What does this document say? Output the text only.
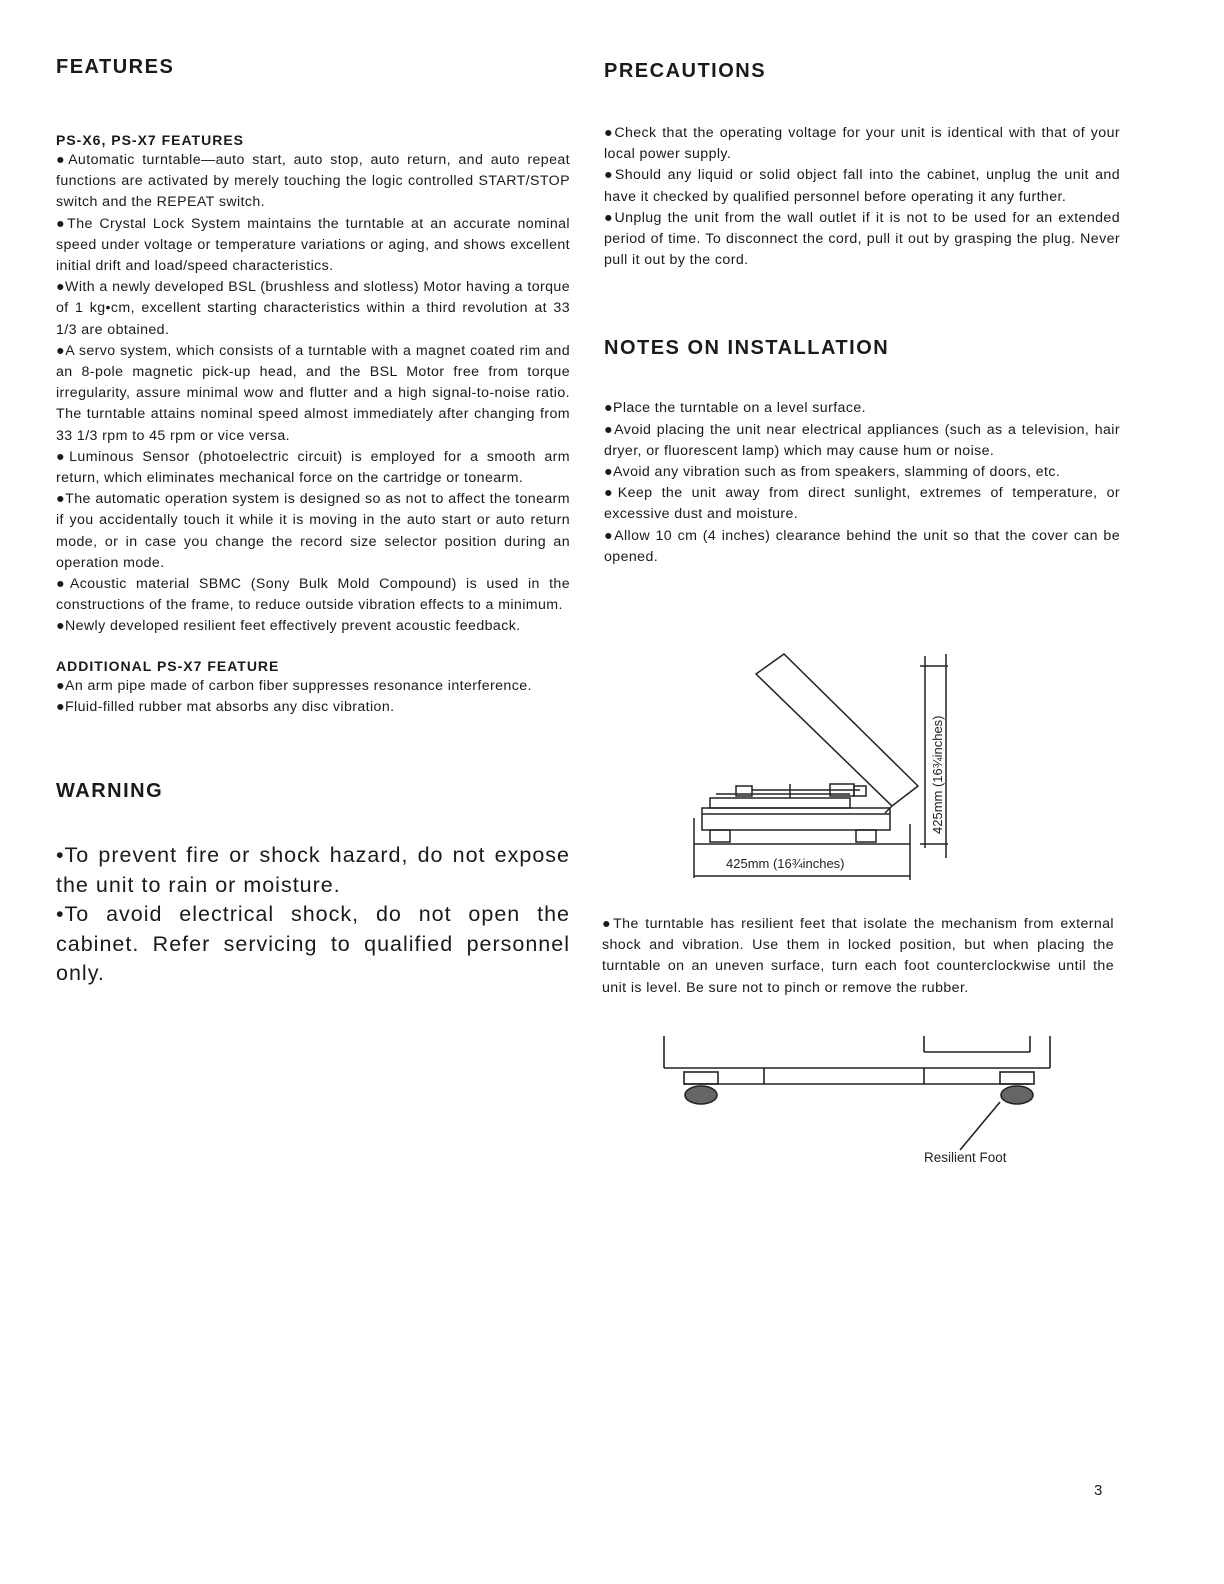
FEATURES
PS-X6, PS-X7 FEATURES

●Automatic turntable—auto start, auto stop, auto return, and auto repeat functions are activated by merely touching the logic controlled START/STOP switch and the REPEAT switch.

●The Crystal Lock System maintains the turntable at an accurate nominal speed under voltage or temperature variations or aging, and shows excellent initial drift and load/speed characteristics.

●With a newly developed BSL (brushless and slotless) Motor having a torque of 1 kg•cm, excellent starting characteristics within a third revolution at 33 1/3 are obtained.

●A servo system, which consists of a turntable with a magnet coated rim and an 8-pole magnetic pick-up head, and the BSL Motor free from torque irregularity, assure minimal wow and flutter and a high signal-to-noise ratio. The turntable attains nominal speed almost immediately after changing from 33 1/3 rpm to 45 rpm or vice versa.

●Luminous Sensor (photoelectric circuit) is employed for a smooth arm return, which eliminates mechanical force on the cartridge or tonearm.

●The automatic operation system is designed so as not to affect the tonearm if you accidentally touch it while it is moving in the auto start or auto return mode, or in case you change the record size selector position during an operation mode.

●Acoustic material SBMC (Sony Bulk Mold Compound) is used in the constructions of the frame, to reduce outside vibration effects to a minimum.

●Newly developed resilient feet effectively prevent acoustic feedback.

ADDITIONAL PS-X7 FEATURE

●An arm pipe made of carbon fiber suppresses resonance interference.

●Fluid-filled rubber mat absorbs any disc vibration.

WARNING

•To prevent fire or shock hazard, do not expose the unit to rain or moisture.

•To avoid electrical shock, do not open the cabinet. Refer servicing to qualified personnel only.

PRECAUTIONS

●Check that the operating voltage for your unit is identical with that of your local power supply.

●Should any liquid or solid object fall into the cabinet, unplug the unit and have it checked by qualified personnel before operating it any further.

●Unplug the unit from the wall outlet if it is not to be used for an extended period of time. To disconnect the cord, pull it out by grasping the plug. Never pull it out by the cord.

NOTES ON INSTALLATION

●Place the turntable on a level surface.

●Avoid placing the unit near electrical appliances (such as a television, hair dryer, or fluorescent lamp) which may cause hum or noise.

●Avoid any vibration such as from speakers, slamming of doors, etc.

●Keep the unit away from direct sunlight, extremes of temperature, or excessive dust and moisture.

●Allow 10 cm (4 inches) clearance behind the unit so that the cover can be opened.

425mm (16¾inches)
425mm (16¾inches)

●The turntable has resilient feet that isolate the mechanism from external shock and vibration. Use them in locked position, but when placing the turntable on an uneven surface, turn each foot counterclockwise until the unit is level. Be sure not to pinch or remove the rubber.

Resilient Foot
3
